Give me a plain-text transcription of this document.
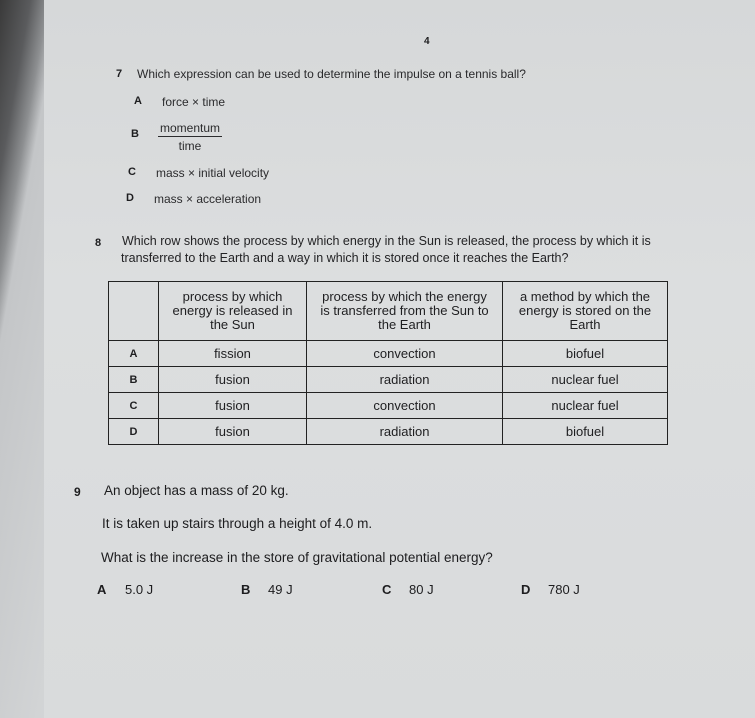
4
7 Which expression can be used to determine the impulse on a tennis ball?
A force × time
B momentum
time
C mass × initial velocity
D mass × acceleration
8 Which row shows the process by which energy in the Sun is released, the process by which it is
transferred to the Earth and a way in which it is stored once it reaches the Earth?

	process by which energy is released in the Sun	process by which the energy is transferred from the Sun to the Earth	a method by which the energy is stored on the Earth

A	fission	convection	biofuel
B	fusion	radiation	nuclear fuel
C	fusion	convection	nuclear fuel
D	fusion	radiation	biofuel
9 An object has a mass of 20 kg.
It is taken up stairs through a height of 4.0 m.
What is the increase in the store of gravitational potential energy?
A 5.0 J	B 49 J	C 80 J	D 780 J
